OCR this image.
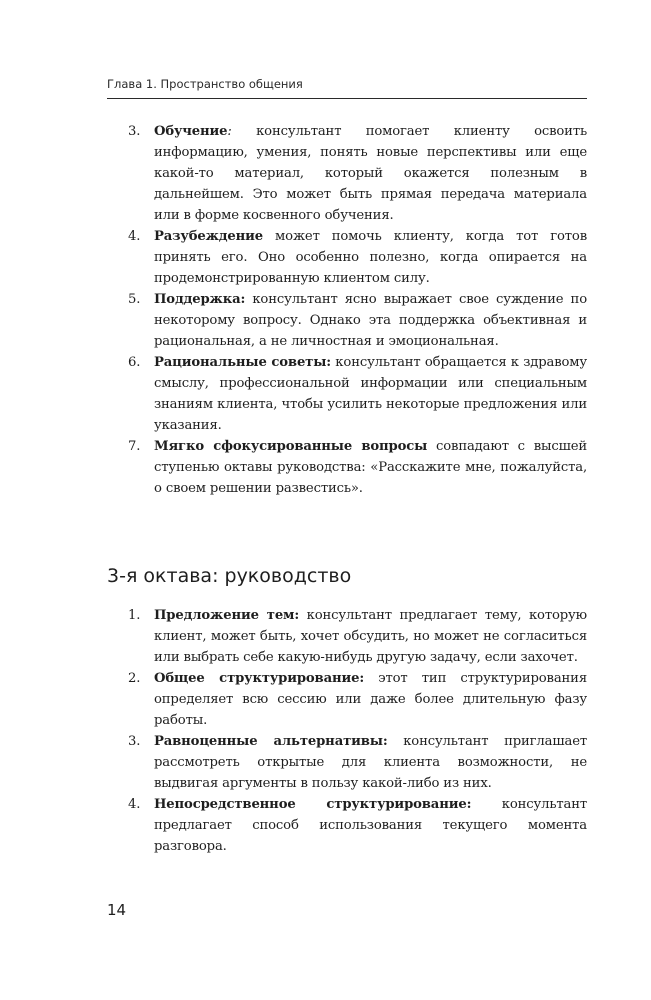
Глава 1. Пространство общения
3. Обучение: консультант помогает клиенту освоить информацию, умения, понять новые перспективы или еще какой-то материал, который окажется полезным в дальнейшем. Это может быть прямая передача материала или в форме косвенного обучения.
4. Разубеждение может помочь клиенту, когда тот готов принять его. Оно особенно полезно, когда опирается на продемонстрированную клиентом силу.
5. Поддержка: консультант ясно выражает свое суждение по некоторому вопросу. Однако эта поддержка объективная и рациональная, а не личностная и эмоциональная.
6. Рациональные советы: консультант обращается к здравому смыслу, профессиональной информации или специальным знаниям клиента, чтобы усилить некоторые предложения или указания.
7. Мягко сфокусированные вопросы совпадают с высшей ступенью октавы руководства: «Расскажите мне, пожалуйста, о своем решении развестись».
3-я октава: руководство
1. Предложение тем: консультант предлагает тему, которую клиент, может быть, хочет обсудить, но может не согласиться или выбрать себе какую-нибудь другую задачу, если захочет.
2. Общее структурирование: этот тип структурирования определяет всю сессию или даже более длительную фазу работы.
3. Равноценные альтернативы: консультант приглашает рассмотреть открытые для клиента возможности, не выдвигая аргументы в пользу какой-либо из них.
4. Непосредственное структурирование: консультант предлагает способ использования текущего момента разговора.
14
